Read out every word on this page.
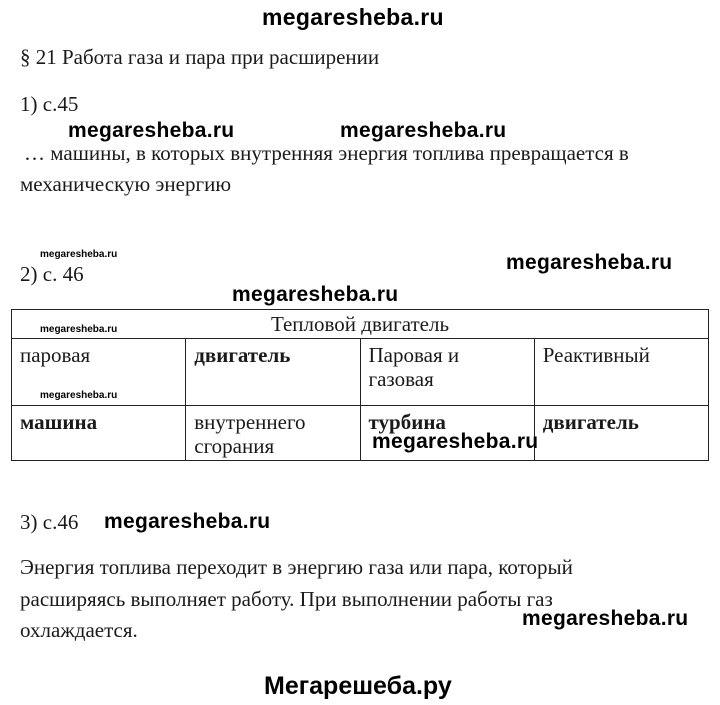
megaresheba.ru
§ 21 Работа газа и пара при расширении
1) с.45
megaresheba.ru	megaresheba.ru
… машины, в которых внутренняя энергия топлива превращается в
механическую энергию
megaresheba.ru
2) с. 46	megaresheba.ru
megaresheba.ru
Тепловой двигатель			
паровая	двигатель	Паровая и газовая	Реактивный
машина	внутреннего сгорания	турбина	двигатель
megaresheba.ru
megaresheba.ru
megaresheba.ru
3) с.46 megaresheba.ru
Энергия топлива переходит в энергию газа или пара, который
расширяясь выполняет работу. При выполнении работы газ
megaresheba.ru
охлаждается.
Мегарешеба.ру
